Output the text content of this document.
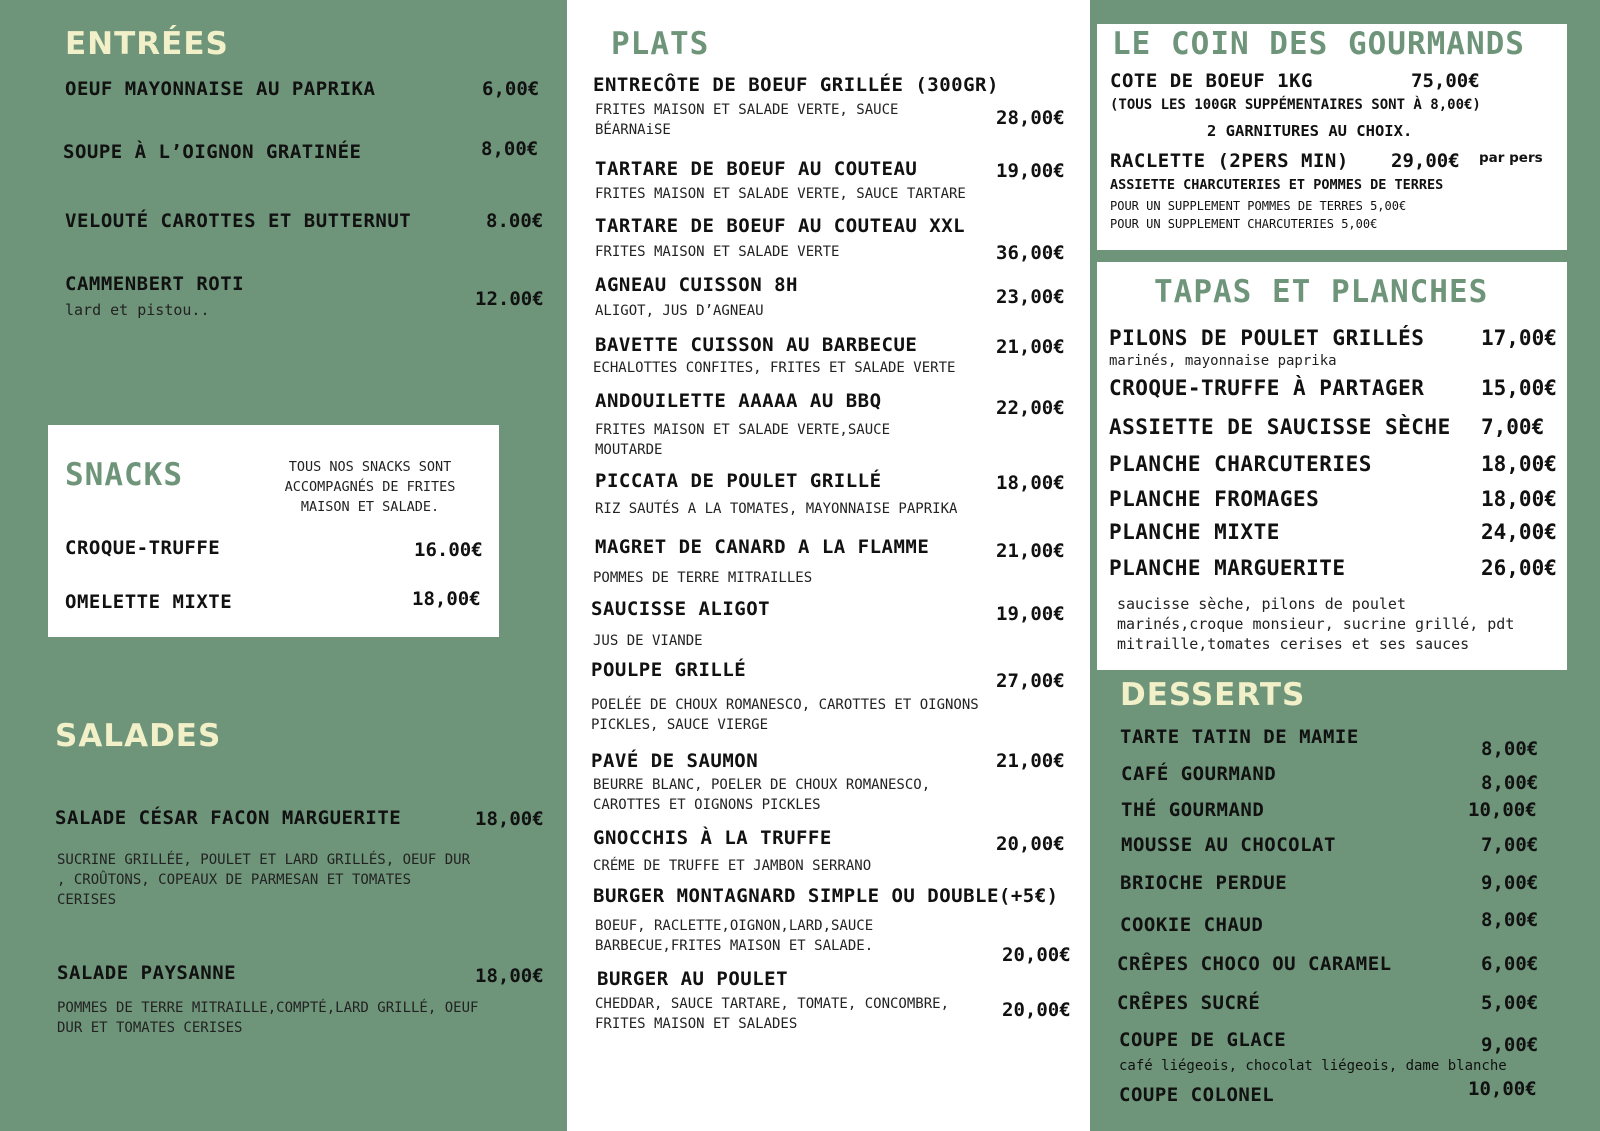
ENTRÉES
OEUF MAYONNAISE AU PAPRIKA	6,00€
SOUPE À L’OIGNON GRATINÉE	8,00€
VELOUTÉ CAROTTES ET BUTTERNUT	8.00€
CAMMENBERT ROTI
lard et pistou..	12.00€
SNACKS	TOUS NOS SNACKS SONT ACCOMPAGNÉS DE FRITES MAISON ET SALADE.
CROQUE-TRUFFE	16.00€
OMELETTE MIXTE	18,00€
SALADES
SALADE CÉSAR FACON MARGUERITE	18,00€
SUCRINE GRILLÉE, POULET ET LARD GRILLÉS, OEUF DUR , CROÛTONS, COPEAUX DE PARMESAN ET TOMATES CERISES
SALADE PAYSANNE	18,00€
POMMES DE TERRE MITRAILLE,COMPTÉ,LARD GRILLÉ, OEUF DUR ET TOMATES CERISES
PLATS
ENTRECÔTE DE BOEUF GRILLÉE (300GR)
FRITES MAISON ET SALADE VERTE, SAUCE BÉARNAiSE
28,00€
TARTARE DE BOEUF AU COUTEAU
FRITES MAISON ET SALADE VERTE, SAUCE TARTARE
19,00€
TARTARE DE BOEUF AU COUTEAU XXL
FRITES MAISON ET SALADE VERTE	36,00€
AGNEAU CUISSON 8H
ALIGOT, JUS D’AGNEAU
23,00€
BAVETTE CUISSON AU BARBECUE
ECHALOTTES CONFITES, FRITES ET SALADE VERTE
21,00€
ANDOUILETTE AAAAA AU BBQ
FRITES MAISON ET SALADE VERTE,SAUCE MOUTARDE
22,00€
PICCATA DE POULET GRILLÉ
RIZ SAUTÉS A LA TOMATES, MAYONNAISE PAPRIKA
18,00€
MAGRET DE CANARD A LA FLAMME
POMMES DE TERRE MITRAILLES
21,00€
SAUCISSE ALIGOT
JUS DE VIANDE
19,00€
POULPE GRILLÉ
POELÉE DE CHOUX ROMANESCO, CAROTTES ET OIGNONS PICKLES, SAUCE VIERGE
27,00€
PAVÉ DE SAUMON
BEURRE BLANC, POELER DE CHOUX ROMANESCO, CAROTTES ET OIGNONS PICKLES
21,00€
GNOCCHIS À LA TRUFFE
CRÉME DE TRUFFE ET JAMBON SERRANO
20,00€
BURGER MONTAGNARD SIMPLE OU DOUBLE(+5€)
BOEUF, RACLETTE,OIGNON,LARD,SAUCE BARBECUE,FRITES MAISON ET SALADE.	20,00€
BURGER AU POULET
CHEDDAR, SAUCE TARTARE, TOMATE, CONCOMBRE, FRITES MAISON ET SALADES
20,00€
LE COIN DES GOURMANDS
COTE DE BOEUF 1KG	75,00€
(TOUS LES 100GR SUPPÉMENTAIRES SONT À 8,00€)
2 GARNITURES AU CHOIX.
RACLETTE (2PERS MIN) 29,00€ par pers
ASSIETTE CHARCUTERIES ET POMMES DE TERRES
POUR UN SUPPLEMENT POMMES DE TERRES 5,00€
POUR UN SUPPLEMENT CHARCUTERIES 5,00€
TAPAS ET PLANCHES
PILONS DE POULET GRILLÉS	17,00€
marinés, mayonnaise paprika
CROQUE-TRUFFE À PARTAGER	15,00€
ASSIETTE DE SAUCISSE SÈCHE 7,00€
PLANCHE CHARCUTERIES	18,00€
PLANCHE FROMAGES	18,00€
PLANCHE MIXTE	24,00€
PLANCHE MARGUERITE	26,00€
saucisse sèche, pilons de poulet marinés,croque monsieur, sucrine grillé, pdt mitraille,tomates cerises et ses sauces
DESSERTS
TARTE TATIN DE MAMIE
8,00€
CAFÉ GOURMAND	8,00€
THÉ GOURMAND	10,00€
MOUSSE AU CHOCOLAT	7,00€
BRIOCHE PERDUE	9,00€
COOKIE CHAUD	8,00€
CRÊPES CHOCO OU CARAMEL	6,00€
CRÊPES SUCRÉ	5,00€
COUPE DE GLACE	9,00€
café liégeois, chocolat liégeois, dame blanche
COUPE COLONEL	10,00€
